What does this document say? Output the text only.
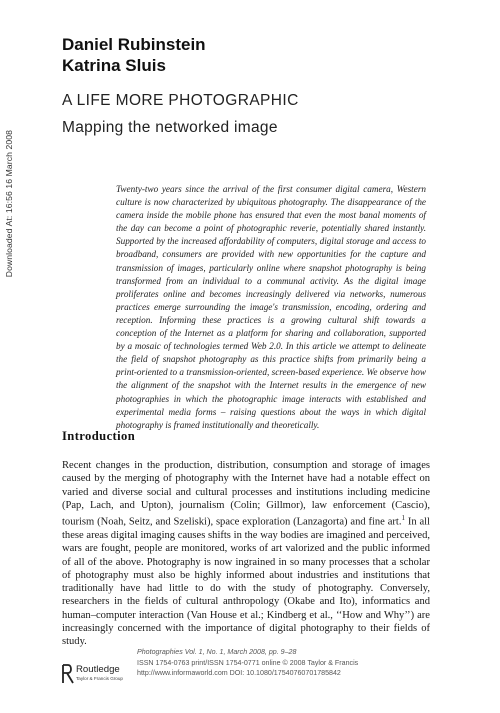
Downloaded At: 16:56 16 March 2008
Daniel Rubinstein
Katrina Sluis
A LIFE MORE PHOTOGRAPHIC
Mapping the networked image

Twenty-two years since the arrival of the first consumer digital camera, Western culture is now characterized by ubiquitous photography. The disappearance of the camera inside the mobile phone has ensured that even the most banal moments of the day can become a point of photographic reverie, potentially shared instantly. Supported by the increased affordability of computers, digital storage and access to broadband, consumers are provided with new opportunities for the capture and transmission of images, particularly online where snapshot photography is being transformed from an individual to a communal activity. As the digital image proliferates online and becomes increasingly delivered via networks, numerous practices emerge surrounding the image's transmission, encoding, ordering and reception. Informing these practices is a growing cultural shift towards a conception of the Internet as a platform for sharing and collaboration, supported by a mosaic of technologies termed Web 2.0. In this article we attempt to delineate the field of snapshot photography as this practice shifts from primarily being a print-oriented to a transmission-oriented, screen-based experience. We observe how the alignment of the snapshot with the Internet results in the emergence of new photographies in which the photographic image interacts with established and experimental media forms – raising questions about the ways in which digital photography is framed institutionally and theoretically.

Introduction

Recent changes in the production, distribution, consumption and storage of images caused by the merging of photography with the Internet have had a notable effect on varied and diverse social and cultural processes and institutions including medicine (Pap, Lach, and Upton), journalism (Colin; Gillmor), law enforcement (Cascio), tourism (Noah, Seitz, and Szeliski), space exploration (Lanzagorta) and fine art.$^1$ In all these areas digital imaging causes shifts in the way bodies are imagined and perceived, wars are fought, people are monitored, works of art valorized and the public informed of all of the above. Photography is now ingrained in so many processes that a scholar of photography must also be highly informed about industries and institutions that traditionally have had little to do with the study of photography. Conversely, researchers in the fields of cultural anthropology (Okabe and Ito), informatics and human–computer interaction (Van House et al.; Kindberg et al., ‘‘How and Why’’) are increasingly concerned with the importance of digital photography to their fields of study.

Routledge
Taylor & Francis Group
Photographies Vol. 1, No. 1, March 2008, pp. 9–28
ISSN 1754-0763 print/ISSN 1754-0771 online © 2008 Taylor & Francis
http://www.informaworld.com DOI: 10.1080/17540760701785842
